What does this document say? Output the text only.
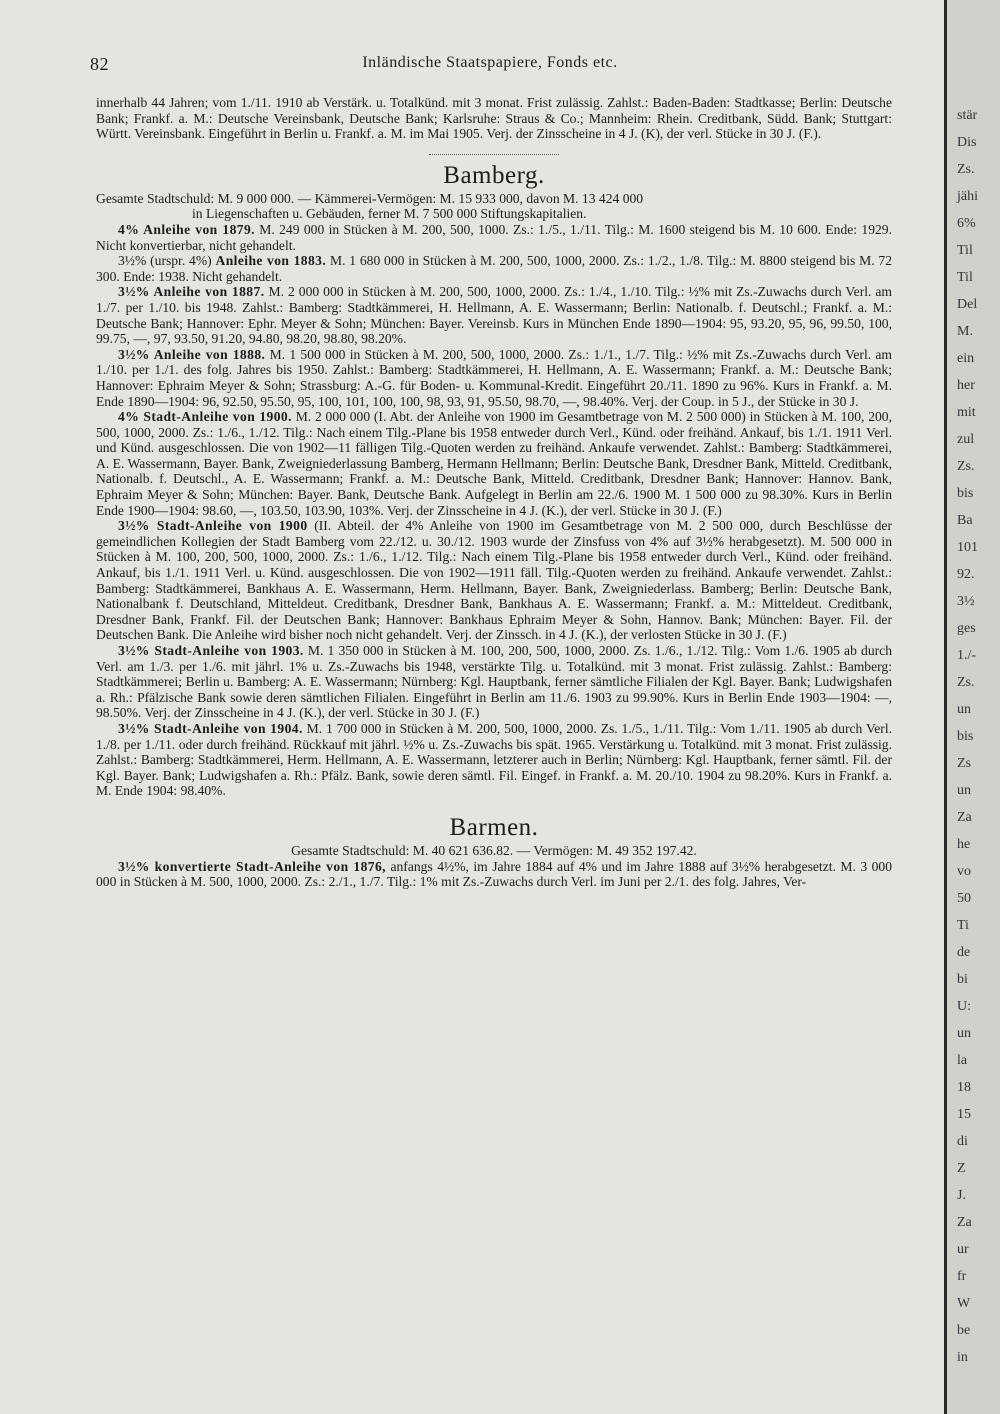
82	Inländische Staatspapiere, Fonds etc.

innerhalb 44 Jahren; vom 1./11. 1910 ab Verstärk. u. Totalkünd. mit 3 monat. Frist zulässig. Zahlst.: Baden-Baden: Stadtkasse; Berlin: Deutsche Bank; Frankf. a. M.: Deutsche Vereinsbank, Deutsche Bank; Karlsruhe: Straus & Co.; Mannheim: Rhein. Creditbank, Südd. Bank; Stuttgart: Württ. Vereinsbank. Eingeführt in Berlin u. Frankf. a. M. im Mai 1905. Verj. der Zinsscheine in 4 J. (K), der verl. Stücke in 30 J. (F.).

Bamberg.
Gesamte Stadtschuld: M. 9 000 000. — Kämmerei-Vermögen: M. 15 933 000, davon M. 13 424 000
in Liegenschaften u. Gebäuden, ferner M. 7 500 000 Stiftungskapitalien.

4% Anleihe von 1879. M. 249 000 in Stücken à M. 200, 500, 1000. Zs.: 1./5., 1./11. Tilg.: M. 1600 steigend bis M. 10 600. Ende: 1929. Nicht konvertierbar, nicht gehandelt.

3½% (urspr. 4%) Anleihe von 1883. M. 1 680 000 in Stücken à M. 200, 500, 1000, 2000. Zs.: 1./2., 1./8. Tilg.: M. 8800 steigend bis M. 72 300. Ende: 1938. Nicht gehandelt.

3½% Anleihe von 1887. M. 2 000 000 in Stücken à M. 200, 500, 1000, 2000. Zs.: 1./4., 1./10. Tilg.: ½% mit Zs.-Zuwachs durch Verl. am 1./7. per 1./10. bis 1948. Zahlst.: Bamberg: Stadtkämmerei, H. Hellmann, A. E. Wassermann; Berlin: Nationalb. f. Deutschl.; Frankf. a. M.: Deutsche Bank; Hannover: Ephr. Meyer & Sohn; München: Bayer. Vereinsb. Kurs in München Ende 1890—1904: 95, 93.20, 95, 96, 99.50, 100, 99.75, —, 97, 93.50, 91.20, 94.80, 98.20, 98.80, 98.20%.

3½% Anleihe von 1888. M. 1 500 000 in Stücken à M. 200, 500, 1000, 2000. Zs.: 1./1., 1./7. Tilg.: ½% mit Zs.-Zuwachs durch Verl. am 1./10. per 1./1. des folg. Jahres bis 1950. Zahlst.: Bamberg: Stadtkämmerei, H. Hellmann, A. E. Wassermann; Frankf. a. M.: Deutsche Bank; Hannover: Ephraim Meyer & Sohn; Strassburg: A.-G. für Boden- u. Kommunal-Kredit. Eingeführt 20./11. 1890 zu 96%. Kurs in Frankf. a. M. Ende 1890—1904: 96, 92.50, 95.50, 95, 100, 101, 100, 100, 98, 93, 91, 95.50, 98.70, —, 98.40%. Verj. der Coup. in 5 J., der Stücke in 30 J.

4% Stadt-Anleihe von 1900. M. 2 000 000 (I. Abt. der Anleihe von 1900 im Gesamtbetrage von M. 2 500 000) in Stücken à M. 100, 200, 500, 1000, 2000. Zs.: 1./6., 1./12. Tilg.: Nach einem Tilg.-Plane bis 1958 entweder durch Verl., Künd. oder freihänd. Ankauf, bis 1./1. 1911 Verl. und Künd. ausgeschlossen. Die von 1902—11 fälligen Tilg.-Quoten werden zu freihänd. Ankaufe verwendet. Zahlst.: Bamberg: Stadtkämmerei, A. E. Wassermann, Bayer. Bank, Zweigniederlassung Bamberg, Hermann Hellmann; Berlin: Deutsche Bank, Dresdner Bank, Mitteld. Creditbank, Nationalb. f. Deutschl., A. E. Wassermann; Frankf. a. M.: Deutsche Bank, Mitteld. Creditbank, Dresdner Bank; Hannover: Hannov. Bank, Ephraim Meyer & Sohn; München: Bayer. Bank, Deutsche Bank. Aufgelegt in Berlin am 22./6. 1900 M. 1 500 000 zu 98.30%. Kurs in Berlin Ende 1900—1904: 98.60, —, 103.50, 103.90, 103%. Verj. der Zinsscheine in 4 J. (K.), der verl. Stücke in 30 J. (F.)

3½% Stadt-Anleihe von 1900 (II. Abteil. der 4% Anleihe von 1900 im Gesamtbetrage von M. 2 500 000, durch Beschlüsse der gemeindlichen Kollegien der Stadt Bamberg vom 22./12. u. 30./12. 1903 wurde der Zinsfuss von 4% auf 3½% herabgesetzt). M. 500 000 in Stücken à M. 100, 200, 500, 1000, 2000. Zs.: 1./6., 1./12. Tilg.: Nach einem Tilg.-Plane bis 1958 entweder durch Verl., Künd. oder freihänd. Ankauf, bis 1./1. 1911 Verl. u. Künd. ausgeschlossen. Die von 1902—1911 fäll. Tilg.-Quoten werden zu freihänd. Ankaufe verwendet. Zahlst.: Bamberg: Stadtkämmerei, Bankhaus A. E. Wassermann, Herm. Hellmann, Bayer. Bank, Zweigniederlass. Bamberg; Berlin: Deutsche Bank, Nationalbank f. Deutschland, Mitteldeut. Creditbank, Dresdner Bank, Bankhaus A. E. Wassermann; Frankf. a. M.: Mitteldeut. Creditbank, Dresdner Bank, Frankf. Fil. der Deutschen Bank; Hannover: Bankhaus Ephraim Meyer & Sohn, Hannov. Bank; München: Bayer. Fil. der Deutschen Bank. Die Anleihe wird bisher noch nicht gehandelt. Verj. der Zinssch. in 4 J. (K.), der verlosten Stücke in 30 J. (F.)

3½% Stadt-Anleihe von 1903. M. 1 350 000 in Stücken à M. 100, 200, 500, 1000, 2000. Zs. 1./6., 1./12. Tilg.: Vom 1./6. 1905 ab durch Verl. am 1./3. per 1./6. mit jährl. 1% u. Zs.-Zuwachs bis 1948, verstärkte Tilg. u. Totalkünd. mit 3 monat. Frist zulässig. Zahlst.: Bamberg: Stadtkämmerei; Berlin u. Bamberg: A. E. Wassermann; Nürnberg: Kgl. Hauptbank, ferner sämtliche Filialen der Kgl. Bayer. Bank; Ludwigshafen a. Rh.: Pfälzische Bank sowie deren sämtlichen Filialen. Eingeführt in Berlin am 11./6. 1903 zu 99.90%. Kurs in Berlin Ende 1903—1904: —, 98.50%. Verj. der Zinsscheine in 4 J. (K.), der verl. Stücke in 30 J. (F.)

3½% Stadt-Anleihe von 1904. M. 1 700 000 in Stücken à M. 200, 500, 1000, 2000. Zs. 1./5., 1./11. Tilg.: Vom 1./11. 1905 ab durch Verl. 1./8. per 1./11. oder durch freihänd. Rückkauf mit jährl. ½% u. Zs.-Zuwachs bis spät. 1965. Verstärkung u. Totalkünd. mit 3 monat. Frist zulässig. Zahlst.: Bamberg: Stadtkämmerei, Herm. Hellmann, A. E. Wassermann, letzterer auch in Berlin; Nürnberg: Kgl. Hauptbank, ferner sämtl. Fil. der Kgl. Bayer. Bank; Ludwigshafen a. Rh.: Pfälz. Bank, sowie deren sämtl. Fil. Eingef. in Frankf. a. M. 20./10. 1904 zu 98.20%. Kurs in Frankf. a. M. Ende 1904: 98.40%.

Barmen.
Gesamte Stadtschuld: M. 40 621 636.82. — Vermögen: M. 49 352 197.42.

3½% konvertierte Stadt-Anleihe von 1876, anfangs 4½%, im Jahre 1884 auf 4% und im Jahre 1888 auf 3½% herabgesetzt. M. 3 000 000 in Stücken à M. 500, 1000, 2000. Zs.: 2./1., 1./7. Tilg.: 1% mit Zs.-Zuwachs durch Verl. im Juni per 2./1. des folg. Jahres, Ver-

stär
Dis
Zs.
jähi
6%
Til
Til
Del
M.
ein
her
mit
zul
Zs.
bis
Ba
101
92.
3½
ges
1./-
Zs.
un
bis
Zs
un
Za
he
vo
50
Ti
de
bi
U:
un
la
18
15
di
Z
J.
Za
ur
fr
W
be
in
